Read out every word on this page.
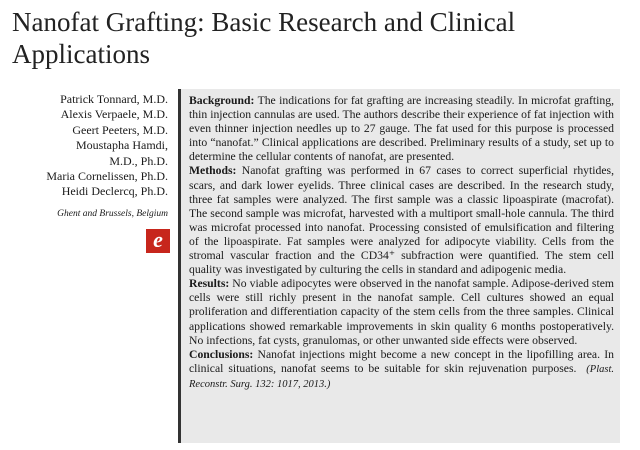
Nanofat Grafting: Basic Research and Clinical Applications
Patrick Tonnard, M.D.
Alexis Verpaele, M.D.
Geert Peeters, M.D.
Moustapha Hamdi,
M.D., Ph.D.
Maria Cornelissen, Ph.D.
Heidi Declercq, Ph.D.
Ghent and Brussels, Belgium
e

Background: The indications for fat grafting are increasing steadily. In microfat grafting, thin injection cannulas are used. The authors describe their experience of fat injection with even thinner injection needles up to 27 gauge. The fat used for this purpose is processed into “nanofat.” Clinical applications are described. Preliminary results of a study, set up to determine the cellular contents of nanofat, are presented.

Methods: Nanofat grafting was performed in 67 cases to correct superficial rhytides, scars, and dark lower eyelids. Three clinical cases are described. In the research study, three fat samples were analyzed. The first sample was a classic lipoaspirate (macrofat). The second sample was microfat, harvested with a multiport small-hole cannula. The third was microfat processed into nanofat. Processing consisted of emulsification and filtering of the lipoaspirate. Fat samples were analyzed for adipocyte viability. Cells from the stromal vascular fraction and the CD34⁺ subfraction were quantified. The stem cell quality was investigated by culturing the cells in standard and adipogenic media.

Results: No viable adipocytes were observed in the nanofat sample. Adipose-derived stem cells were still richly present in the nanofat sample. Cell cultures showed an equal proliferation and differentiation capacity of the stem cells from the three samples. Clinical applications showed remarkable improvements in skin quality 6 months postoperatively. No infections, fat cysts, granulomas, or other unwanted side effects were observed.

Conclusions: Nanofat injections might become a new concept in the lipofilling area. In clinical situations, nanofat seems to be suitable for skin rejuvenation purposes. (Plast. Reconstr. Surg. 132: 1017, 2013.)
